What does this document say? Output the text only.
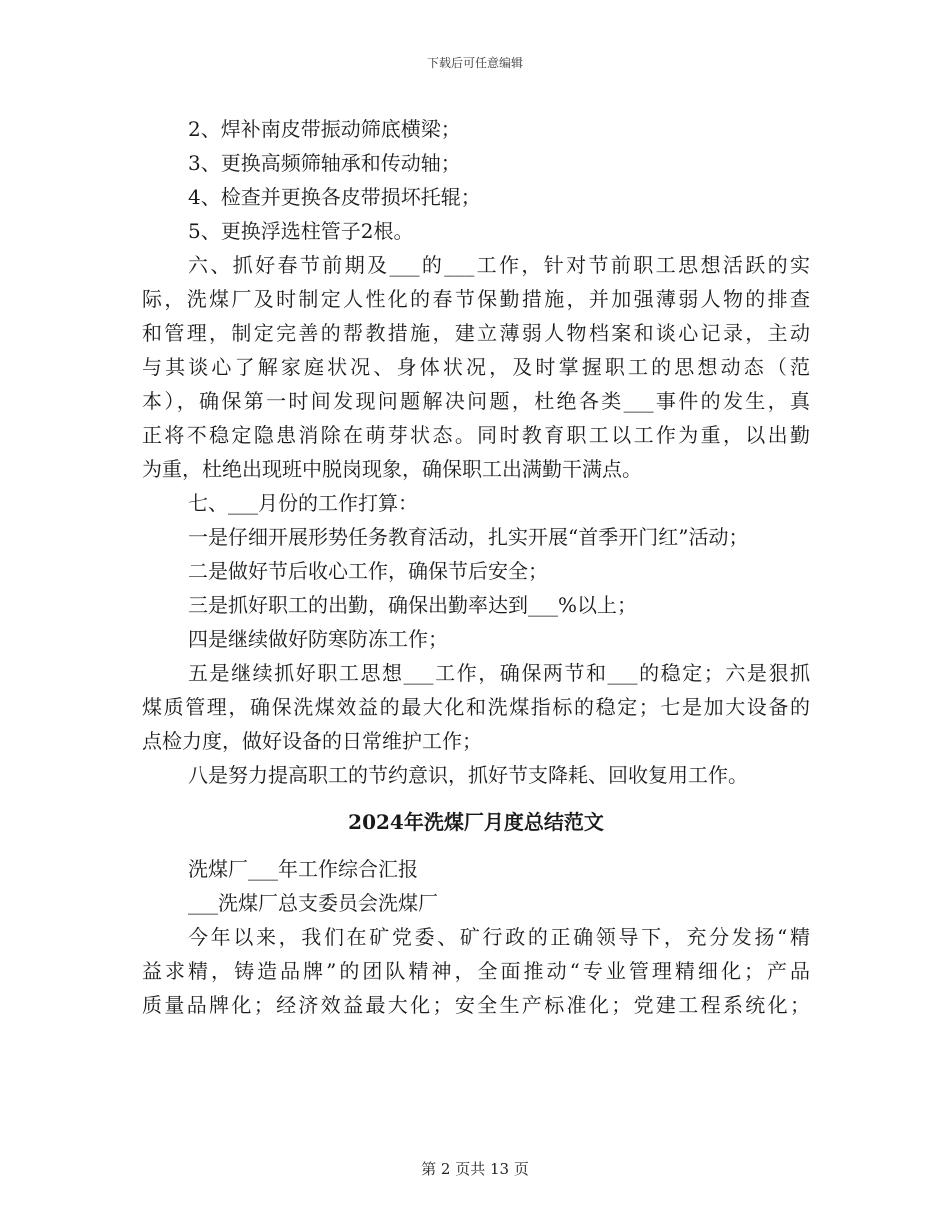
下载后可任意编辑
2、焊补南皮带振动筛底横梁；
3、更换高频筛轴承和传动轴；
4、检查并更换各皮带损坏托辊；
5、更换浮选柱管子2根。
六、抓好春节前期及___的___工作，针对节前职工思想活跃的实
际，洗煤厂及时制定人性化的春节保勤措施，并加强薄弱人物的排查
和管理，制定完善的帮教措施，建立薄弱人物档案和谈心记录，主动
与其谈心了解家庭状况、身体状况，及时掌握职工的思想动态（范
本），确保第一时间发现问题解决问题，杜绝各类___事件的发生，真
正将不稳定隐患消除在萌芽状态。同时教育职工以工作为重，以出勤
为重，杜绝出现班中脱岗现象，确保职工出满勤干满点。
七、___月份的工作打算：
一是仔细开展形势任务教育活动，扎实开展“首季开门红”活动；
二是做好节后收心工作，确保节后安全；
三是抓好职工的出勤，确保出勤率达到___%以上；
四是继续做好防寒防冻工作；
五是继续抓好职工思想___工作，确保两节和___的稳定；六是狠抓
煤质管理，确保洗煤效益的最大化和洗煤指标的稳定；七是加大设备的
点检力度，做好设备的日常维护工作；
八是努力提高职工的节约意识，抓好节支降耗、回收复用工作。
2024年洗煤厂月度总结范文
洗煤厂___年工作综合汇报
___洗煤厂总支委员会洗煤厂
今年以来，我们在矿党委、矿行政的正确领导下，充分发扬“精
益求精，铸造品牌”的团队精神，全面推动“专业管理精细化；产品
质量品牌化；经济效益最大化；安全生产标准化；党建工程系统化；
第 2 页共 13 页
